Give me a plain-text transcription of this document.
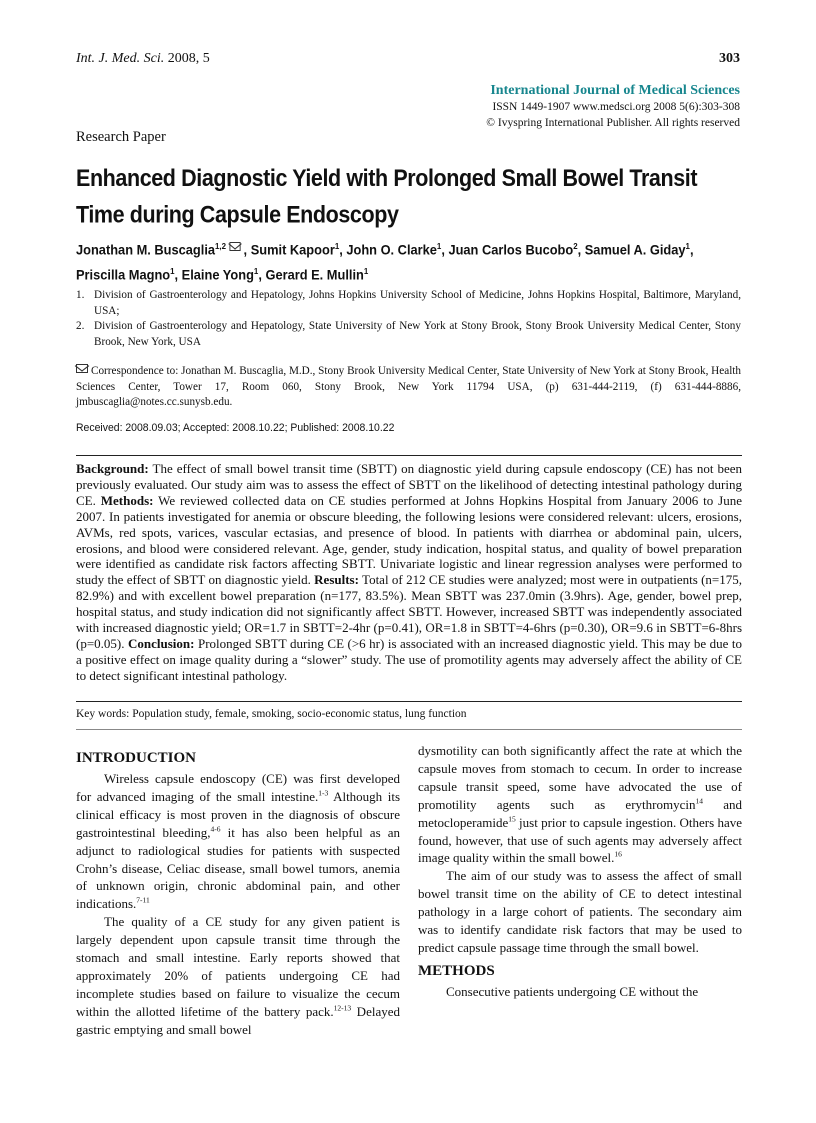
Int. J. Med. Sci. 2008, 5	303
International Journal of Medical Sciences
ISSN 1449-1907 www.medsci.org 2008 5(6):303-308
© Ivyspring International Publisher. All rights reserved
Research Paper
Enhanced Diagnostic Yield with Prolonged Small Bowel Transit Time during Capsule Endoscopy
Jonathan M. Buscaglia$^{1,2}$ , Sumit Kapoor$^1$, John O. Clarke$^1$, Juan Carlos Bucobo$^2$, Samuel A. Giday$^1$,
Priscilla Magno$^1$, Elaine Yong$^1$, Gerard E. Mullin$^1$
1. Division of Gastroenterology and Hepatology, Johns Hopkins University School of Medicine, Johns Hopkins Hospital, Baltimore, Maryland, USA;
2. Division of Gastroenterology and Hepatology, State University of New York at Stony Brook, Stony Brook University Medical Center, Stony Brook, New York, USA
Correspondence to: Jonathan M. Buscaglia, M.D., Stony Brook University Medical Center, State University of New York at Stony Brook, Health Sciences Center, Tower 17, Room 060, Stony Brook, New York 11794 USA, (p) 631-444-2119, (f) 631-444-8886, jmbuscaglia@notes.cc.sunysb.edu.
Received: 2008.09.03; Accepted: 2008.10.22; Published: 2008.10.22
Background: The effect of small bowel transit time (SBTT) on diagnostic yield during capsule endoscopy (CE) has not been previously evaluated. Our study aim was to assess the effect of SBTT on the likelihood of detecting intestinal pathology during CE. Methods: We reviewed collected data on CE studies performed at Johns Hopkins Hospital from January 2006 to June 2007. In patients investigated for anemia or obscure bleeding, the following lesions were considered relevant: ulcers, erosions, AVMs, red spots, varices, vascular ectasias, and presence of blood. In patients with diarrhea or abdominal pain, ulcers, erosions, and blood were considered relevant. Age, gender, study indication, hospital status, and quality of bowel preparation were identified as candidate risk factors affecting SBTT. Univariate logistic and linear regression analyses were performed to study the effect of SBTT on diagnostic yield. Results: Total of 212 CE studies were analyzed; most were in outpatients (n=175, 82.9%) and with excellent bowel preparation (n=177, 83.5%). Mean SBTT was 237.0min (3.9hrs). Age, gender, bowel prep, hospital status, and study indication did not significantly affect SBTT. However, increased SBTT was independently associated with increased diagnostic yield; OR=1.7 in SBTT=2-4hr (p=0.41), OR=1.8 in SBTT=4-6hrs (p=0.30), OR=9.6 in SBTT=6-8hrs (p=0.05). Conclusion: Prolonged SBTT during CE (>6 hr) is associated with an increased diagnostic yield. This may be due to a positive effect on image quality during a “slower” study. The use of promotility agents may adversely affect the ability of CE to detect significant intestinal pathology.
Key words: Population study, female, smoking, socio-economic status, lung function
INTRODUCTION

Wireless capsule endoscopy (CE) was first developed for advanced imaging of the small intestine.$^{1-3}$ Although its clinical efficacy is most proven in the diagnosis of obscure gastrointestinal bleeding,$^{4-6}$ it has also been helpful as an adjunct to radiological studies for patients with suspected Crohn’s disease, Celiac disease, small bowel tumors, anemia of unknown origin, chronic abdominal pain, and other indications.$^{7-11}$

The quality of a CE study for any given patient is largely dependent upon capsule transit time through the stomach and small intestine. Early reports showed that approximately 20% of patients undergoing CE had incomplete studies based on failure to visualize the cecum within the allotted lifetime of the battery pack.$^{12-13}$ Delayed gastric emptying and small bowel

dysmotility can both significantly affect the rate at which the capsule moves from stomach to cecum. In order to increase capsule transit speed, some have advocated the use of promotility agents such as erythromycin$^{14}$ and metocloperamide$^{15}$ just prior to capsule ingestion. Others have found, however, that use of such agents may adversely affect image quality within the small bowel.$^{16}$

The aim of our study was to assess the affect of small bowel transit time on the ability of CE to detect intestinal pathology in a large cohort of patients. The secondary aim was to identify candidate risk factors that may be used to predict capsule passage time through the small bowel.

METHODS

Consecutive patients undergoing CE without the
